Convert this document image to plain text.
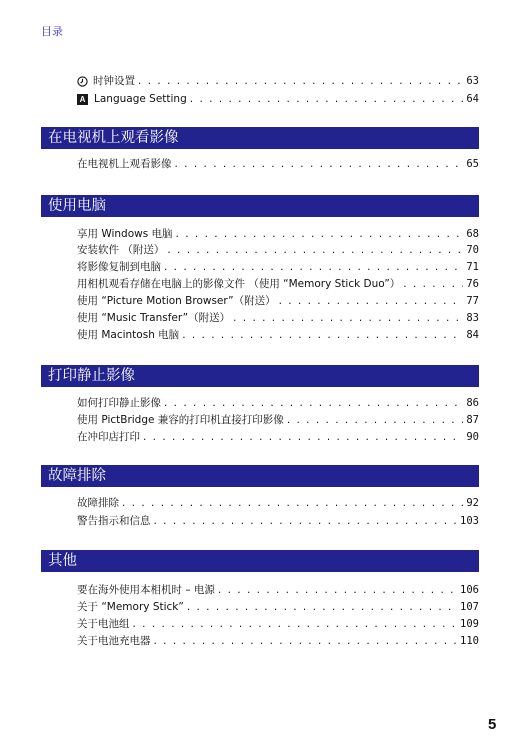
目录
时钟设置 . . .	63
A Language Setting . . .	64
在电视机上观看影像
在电视机上观看影像 . . .	65
使用电脑
享用 Windows 电脑 . . .	68
安装软件 （附送） . . .	70
将影像复制到电脑 . . .	71
用相机观看存储在电脑上的影像文件 （使用 “Memory Stick Duo”） . . .	76
使用 “Picture Motion Browser”（附送） . . .	77
使用 “Music Transfer”（附送） . . .	83
使用 Macintosh 电脑 . . .	84
打印静止影像
如何打印静止影像 . . .	86
使用 PictBridge 兼容的打印机直接打印影像 . . .	87
在冲印店打印 . . .	90
故障排除
故障排除 . . .	92
警告指示和信息 . . .	103
其他
要在海外使用本相机时 – 电源 . . .	106
关于 “Memory Stick” . . .	107
关于电池组 . . .	109
关于电池充电器 . . .	110
5
